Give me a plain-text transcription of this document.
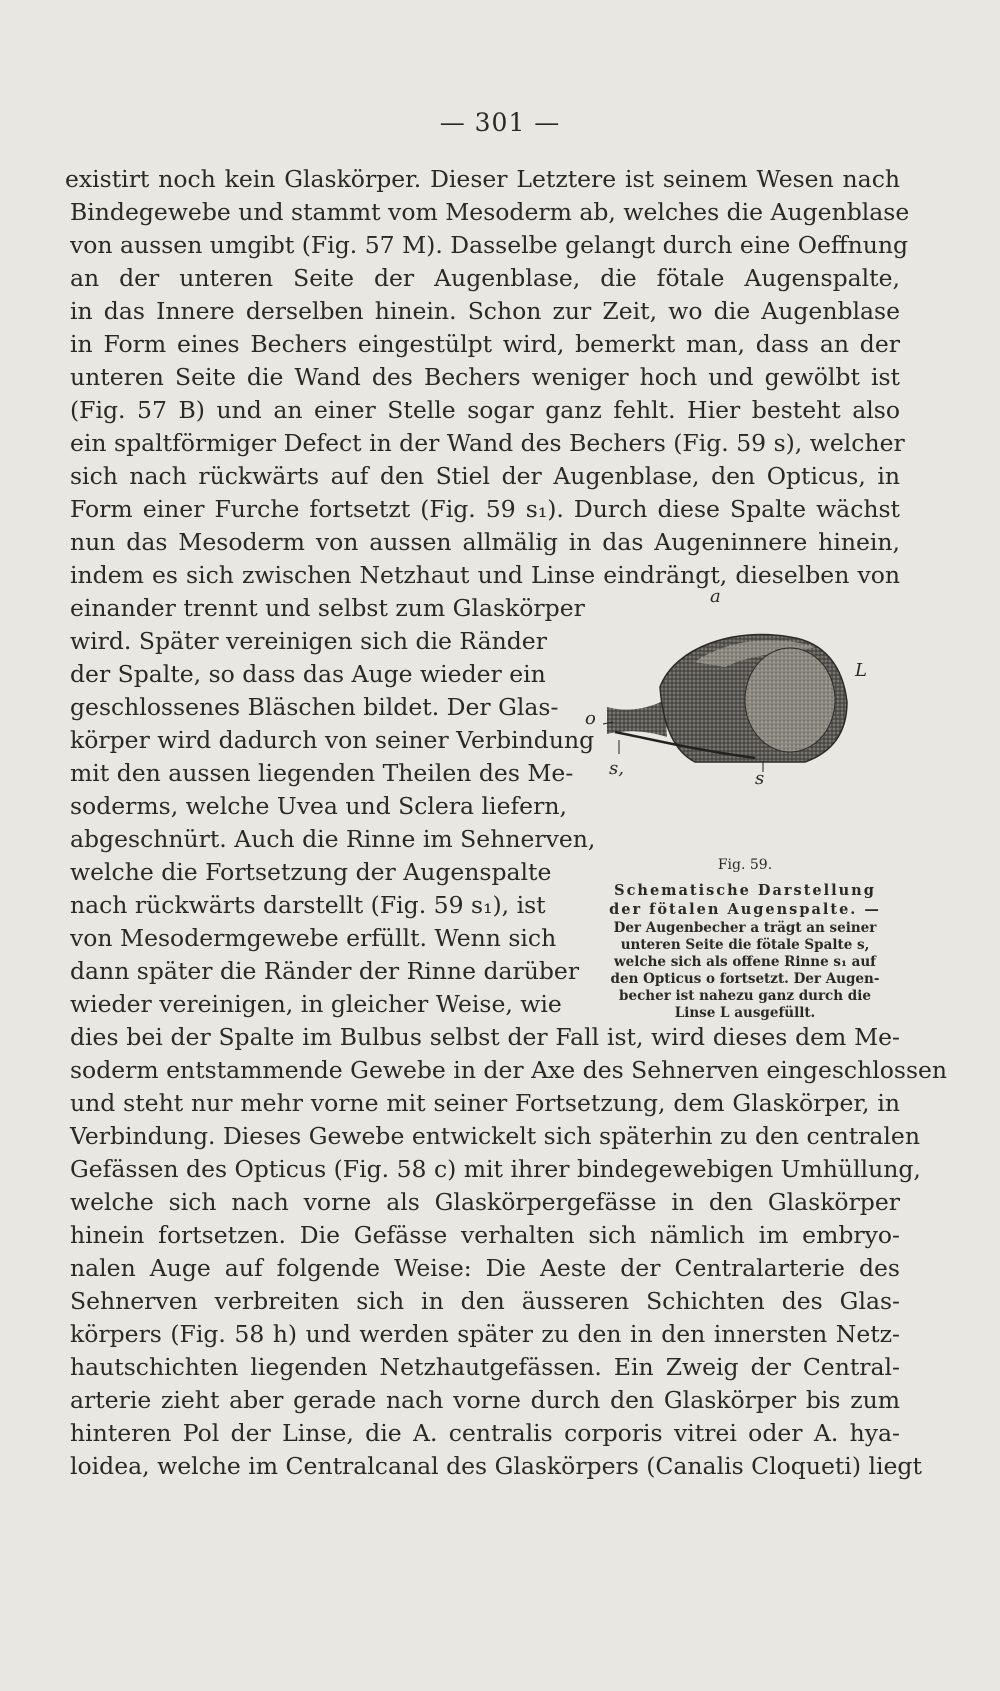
— 301 —
existirt noch kein Glaskörper. Dieser Letztere ist seinem Wesen nach
Bindegewebe und stammt vom Mesoderm ab, welches die Augenblase
von aussen umgibt (Fig. 57 M). Dasselbe gelangt durch eine Oeffnung
an der unteren Seite der Augenblase, die fötale Augenspalte,
in das Innere derselben hinein. Schon zur Zeit, wo die Augenblase
in Form eines Bechers eingestülpt wird, bemerkt man, dass an der
unteren Seite die Wand des Bechers weniger hoch und gewölbt ist
(Fig. 57 B) und an einer Stelle sogar ganz fehlt. Hier besteht also
ein spaltförmiger Defect in der Wand des Bechers (Fig. 59 s), welcher
sich nach rückwärts auf den Stiel der Augenblase, den Opticus, in
Form einer Furche fortsetzt (Fig. 59 s₁). Durch diese Spalte wächst
nun das Mesoderm von aussen allmälig in das Augeninnere hinein,
indem es sich zwischen Netzhaut und Linse eindrängt, dieselben von
einander trennt und selbst zum Glaskörper
wird. Später vereinigen sich die Ränder
der Spalte, so dass das Auge wieder ein
geschlossenes Bläschen bildet. Der Glas-
körper wird dadurch von seiner Verbindung
mit den aussen liegenden Theilen des Me-
soderms, welche Uvea und Sclera liefern,
abgeschnürt. Auch die Rinne im Sehnerven,
welche die Fortsetzung der Augenspalte
nach rückwärts darstellt (Fig. 59 s₁), ist
von Mesodermgewebe erfüllt. Wenn sich
dann später die Ränder der Rinne darüber
wieder vereinigen, in gleicher Weise, wie
dies bei der Spalte im Bulbus selbst der Fall ist, wird dieses dem Me-
soderm entstammende Gewebe in der Axe des Sehnerven eingeschlossen
und steht nur mehr vorne mit seiner Fortsetzung, dem Glaskörper, in
Verbindung. Dieses Gewebe entwickelt sich späterhin zu den centralen
Gefässen des Opticus (Fig. 58 c) mit ihrer bindegewebigen Umhüllung,
welche sich nach vorne als Glaskörpergefässe in den Glaskörper
hinein fortsetzen. Die Gefässe verhalten sich nämlich im embryo-
nalen Auge auf folgende Weise: Die Aeste der Centralarterie des
Sehnerven verbreiten sich in den äusseren Schichten des Glas-
körpers (Fig. 58 h) und werden später zu den in den innersten Netz-
hautschichten liegenden Netzhautgefässen. Ein Zweig der Central-
arterie zieht aber gerade nach vorne durch den Glaskörper bis zum
hinteren Pol der Linse, die A. centralis corporis vitrei oder A. hya-
loidea, welche im Centralcanal des Glaskörpers (Canalis Cloqueti) liegt
a
L
o
s,	s
Fig. 59.
Schematische Darstellung
der fötalen Augenspalte. —
Der Augenbecher a trägt an seiner
unteren Seite die fötale Spalte s,
welche sich als offene Rinne s₁ auf
den Opticus o fortsetzt. Der Augen-
becher ist nahezu ganz durch die
Linse L ausgefüllt.
